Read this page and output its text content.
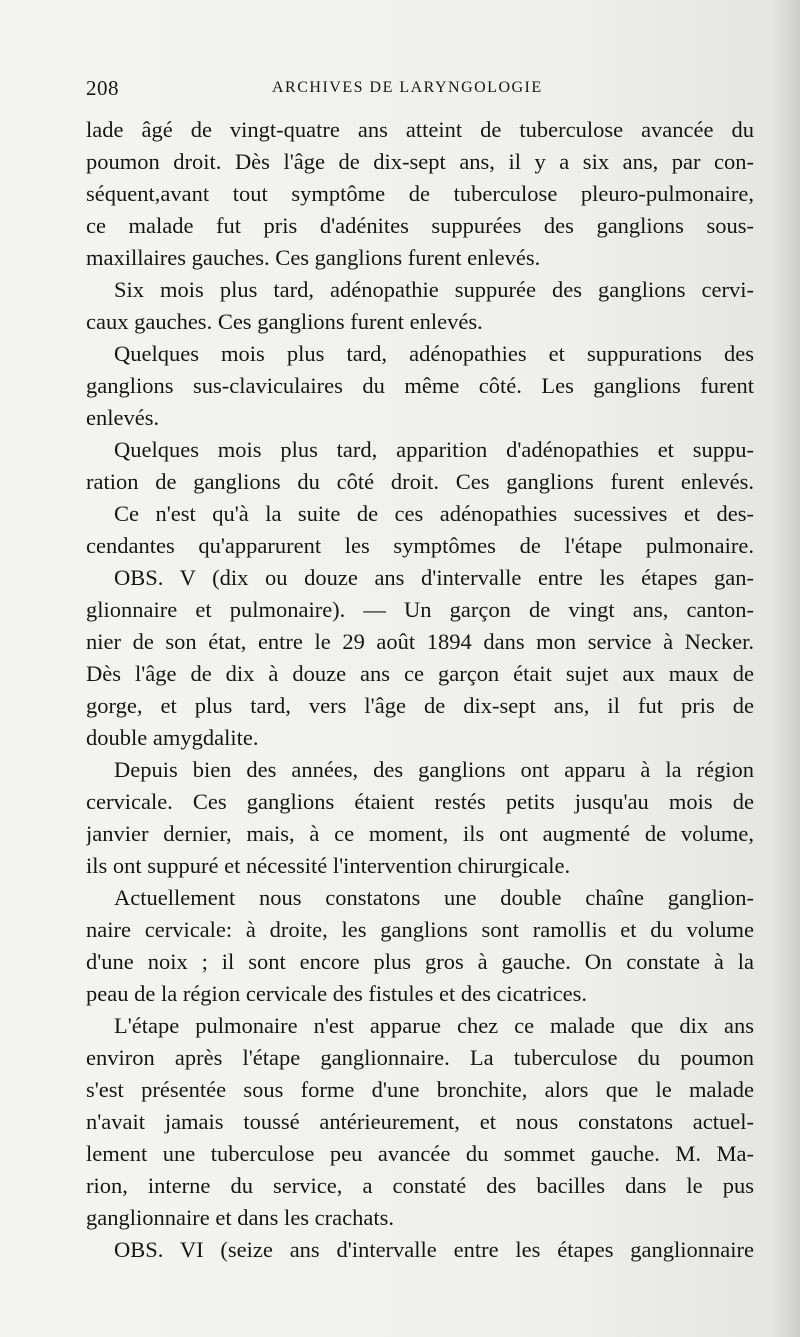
208	ARCHIVES DE LARYNGOLOGIE
lade âgé de vingt-quatre ans atteint de tuberculose avancée du
poumon droit. Dès l'âge de dix-sept ans, il y a six ans, par con-
séquent,avant tout symptôme de tuberculose pleuro-pulmonaire,
ce malade fut pris d'adénites suppurées des ganglions sous-
maxillaires gauches. Ces ganglions furent enlevés.
Six mois plus tard, adénopathie suppurée des ganglions cervi-
caux gauches. Ces ganglions furent enlevés.
Quelques mois plus tard, adénopathies et suppurations des
ganglions sus-claviculaires du même côté. Les ganglions furent
enlevés.
Quelques mois plus tard, apparition d'adénopathies et suppu-
ration de ganglions du côté droit. Ces ganglions furent enlevés.
Ce n'est qu'à la suite de ces adénopathies sucessives et des-
cendantes qu'apparurent les symptômes de l'étape pulmonaire.
OBS. V (dix ou douze ans d'intervalle entre les étapes gan-
glionnaire et pulmonaire). — Un garçon de vingt ans, canton-
nier de son état, entre le 29 août 1894 dans mon service à Necker.
Dès l'âge de dix à douze ans ce garçon était sujet aux maux de
gorge, et plus tard, vers l'âge de dix-sept ans, il fut pris de
double amygdalite.
Depuis bien des années, des ganglions ont apparu à la région
cervicale. Ces ganglions étaient restés petits jusqu'au mois de
janvier dernier, mais, à ce moment, ils ont augmenté de volume,
ils ont suppuré et nécessité l'intervention chirurgicale.
Actuellement nous constatons une double chaîne ganglion-
naire cervicale: à droite, les ganglions sont ramollis et du volume
d'une noix ; il sont encore plus gros à gauche. On constate à la
peau de la région cervicale des fistules et des cicatrices.
L'étape pulmonaire n'est apparue chez ce malade que dix ans
environ après l'étape ganglionnaire. La tuberculose du poumon
s'est présentée sous forme d'une bronchite, alors que le malade
n'avait jamais toussé antérieurement, et nous constatons actuel-
lement une tuberculose peu avancée du sommet gauche. M. Ma-
rion, interne du service, a constaté des bacilles dans le pus
ganglionnaire et dans les crachats.
OBS. VI (seize ans d'intervalle entre les étapes ganglionnaire
